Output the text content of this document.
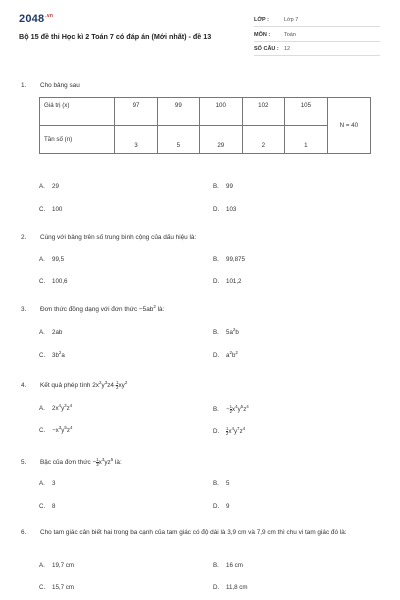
$2048^{.vn}$
Bộ 15 đề thi Học kì 2 Toán 7 có đáp án (Mới nhất) - đề 13
LỚP :	Lớp 7
MÔN :	Toán
SỐ CÂU : 12
1. Cho bảng sau
Giá trị (x)	97	99	100	102	105	N = 40
Tần số (n)	3	5	29	2	1	
A. 29	B. 99
C. 100	D. 103
2. Cùng với bảng trên số trung bình cộng của dấu hiệu là:
A. 99,5	B. 99,875
C. 100,6	D. 101,2
3. Đơn thức đồng dạng với đơn thức $-5ab^2$ là:
A. 2ab	B. $5a^2b$
C. $3b^2a$	D. $a^2b^2$
4. Kết quả phép tính $2x^2y^3z4\cdot \frac{1}{2} xy^2$
A. $2x^4y^3z^4$
B. − $\frac{1}{2} x^4y^5z^4$
C. $-x^3y^5z^4$
D. $\frac{1}{2} x^4y^7z^4$
5. Bậc của đơn thức − $\frac{1}{3} x^3yz^5$ là:
A. 3	B. 5
C. 8	D. 9
6.	Cho tam giác cân biết hai trong ba cạnh của tam giác có độ dài là 3,9 cm và 7,9 cm thì chu vi tam giác đó là:
A. 19,7 cm	B. 16 cm
C. 15,7 cm	D. 11,8 cm
